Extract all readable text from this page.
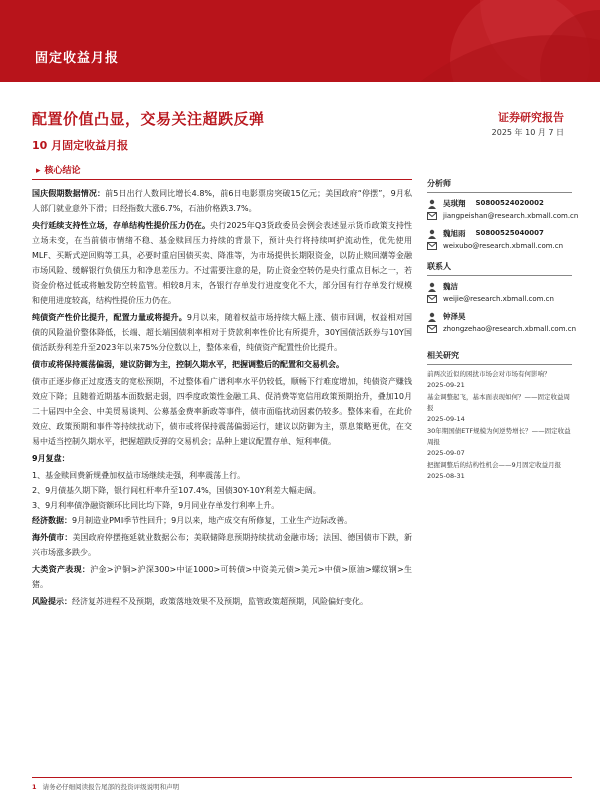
固定收益月报
配置价值凸显，交易关注超跌反弹
10 月固定收益月报
证券研究报告
2025 年 10 月 7 日
▸ 核心结论

国庆假期数据情况：前5日出行人数同比增长4.8%，前6日电影票房突破15亿元；美国政府“停摆”，9月私人部门就业意外下滑；日经指数大涨6.7%，石油价格跌3.7%。

央行延续支持性立场，存单结构性提价压力仍在。央行2025年Q3货政委员会例会表述显示货币政策支持性立场未变，在当前债市情绪不稳、基金赎回压力持续的背景下，预计央行将持续呵护流动性，优先使用MLF、买断式逆回购等工具，必要时重启国债买卖、降准等，为市场提供长期限资金，以防止赎回潮等金融市场风险、缓解银行负债压力和净息差压力。不过需要注意的是，防止资金空转仍是央行重点目标之一，若资金价格过低或将触发防空转监管。相较8月末，各银行存单发行进度变化不大，部分国有行存单发行规模和使用进度较高，结构性提价压力仍在。

纯债资产性价比提升，配置力量或将提升。9月以来，随着权益市场持续大幅上涨、债市回调，权益相对国债的风险溢价整体降低，长端、超长端国债利率相对于贷款利率性价比有所提升，30Y国债活跃券与10Y国债活跃券利差升至2023年以来75%分位数以上，整体来看，纯债资产配置性价比提升。

债市或将保持震荡偏弱，建议防御为主，控制久期水平，把握调整后的配置和交易机会。

债市正逐步修正过度透支的宽松预期，不过整体看广谱利率水平仍较低，顺畅下行难度增加，纯债资产赚钱效应下降；且随着近期基本面数据走弱，四季度政策性金融工具、促消费等宽信用政策预期抬升，叠加10月二十届四中全会、中美贸易谈判、公募基金费率新政等事件，债市面临扰动因素仍较多。整体来看，在此价效应、政策预期和事件等持续扰动下，债市或将保持震荡偏弱运行，建议以防御为主，票息策略更优，在交易中适当控制久期水平，把握超跌反弹的交易机会；品种上建议配置存单、短利率债。

9月复盘：

1、基金赎回费新规叠加权益市场继续走强，利率震荡上行。

2、9月债基久期下降，银行间杠杆率升至107.4%，国债30Y-10Y利差大幅走阔。

3、9月利率债净融资额环比同比均下降，9月同业存单发行利率上升。

经济数据：9月制造业PMI季节性回升；9月以来，地产成交有所修复，工业生产边际改善。

海外债市：美国政府停摆拖延就业数据公布；美联储降息预期持续扰动金融市场；法国、德国债市下跌，新兴市场涨多跌少。

大类资产表现：沪金>沪铜>沪深300>中证1000>可转债>中资美元债>美元>中债>原油>螺纹钢>生猪。

风险提示：经济复苏进程不及预期，政策落地效果不及预期，监管政策超预期，风险偏好变化。

分析师
吴琪翔 S0800524020002
jiangpeishan@research.xbmall.com.cn
魏旭雨 S0800525040007
weixubo@research.xbmall.com.cn
联系人
魏洁
weijie@research.xbmall.com.cn
钟泽昊
zhongzehao@research.xbmall.com.cn
相关研究
前两次近似的困扰市场会对市场有何影响？
2025-09-21
基金调整起飞，基本面表现如何？——固定收益周报
2025-09-14
30年期国债ETF规模为何逆势增长？——固定收益周报
2025-09-07
把握调整后的结构性机会——9月固定收益月报
2025-08-31
1 请务必仔细阅读报告尾部的投资评级说明和声明
